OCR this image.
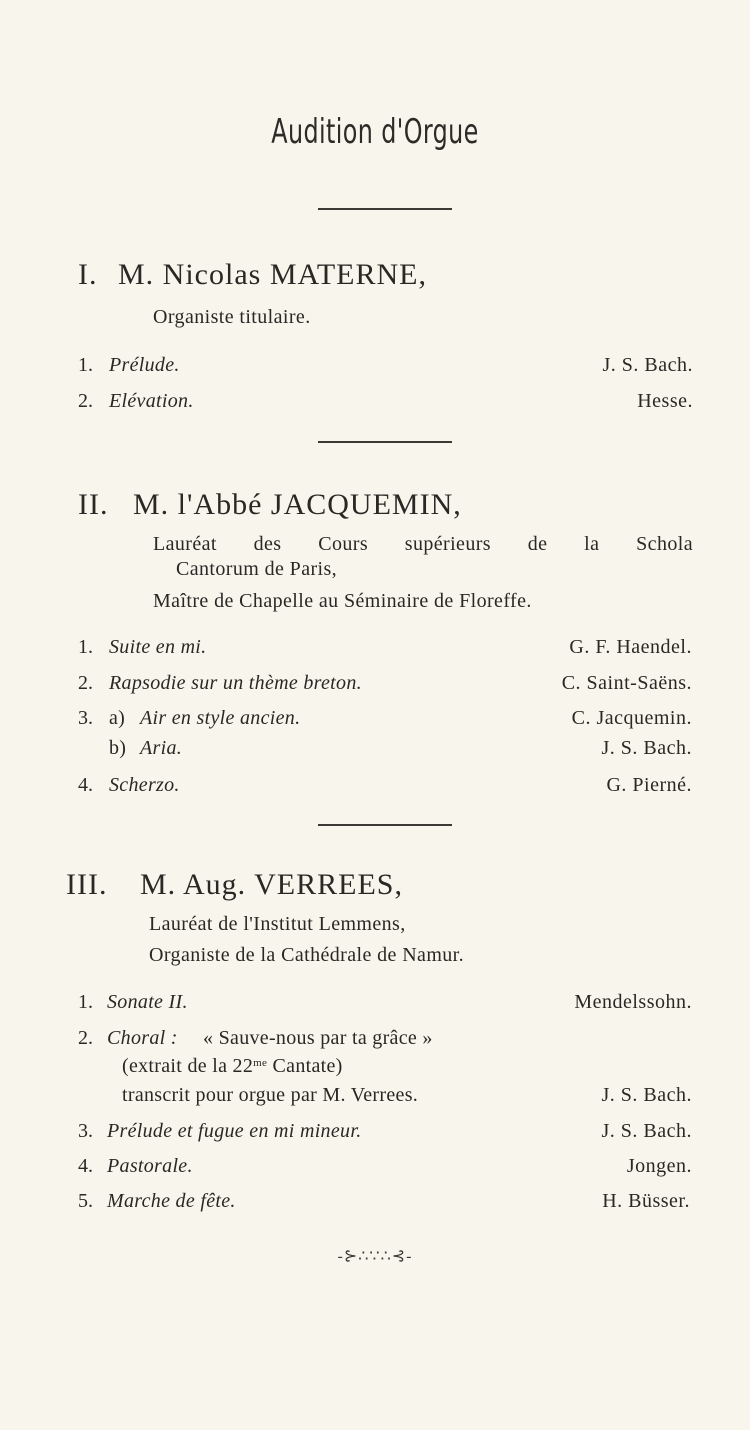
Audition d'Orgue
M. Nicolas MATERNE,
I.
Organiste titulaire.
1. Prélude.	J. S. Bach.
2. Elévation.	Hesse.
II. M. l'Abbé JACQUEMIN,
Lauréat des Cours supérieurs de la Schola
Cantorum de Paris,
Maître de Chapelle au Séminaire de Floreffe.
1. Suite en mi.	G. F. Haendel.
2. Rapsodie sur un thème breton.	C. Saint-Saëns.
3. a) Air en style ancien.	C. Jacquemin.
b) Aria.	J. S. Bach.
4. Scherzo.	G. Pierné.
III. M. Aug. VERREES,
Lauréat de l'Institut Lemmens,
Organiste de la Cathédrale de Namur.
1. Sonate II.	Mendelssohn.
2. Choral : « Sauve-nous par ta grâce »
(extrait de la $22^{me}$ Cantate)
transcrit pour orgue par M. Verrees.	J. S. Bach.
3. Prélude et fugue en mi mineur.	J. S. Bach.
4. Pastorale.	Jongen.
5. Marche de fête.	H. Büsser.
-⊱∴∵∴⊰-
